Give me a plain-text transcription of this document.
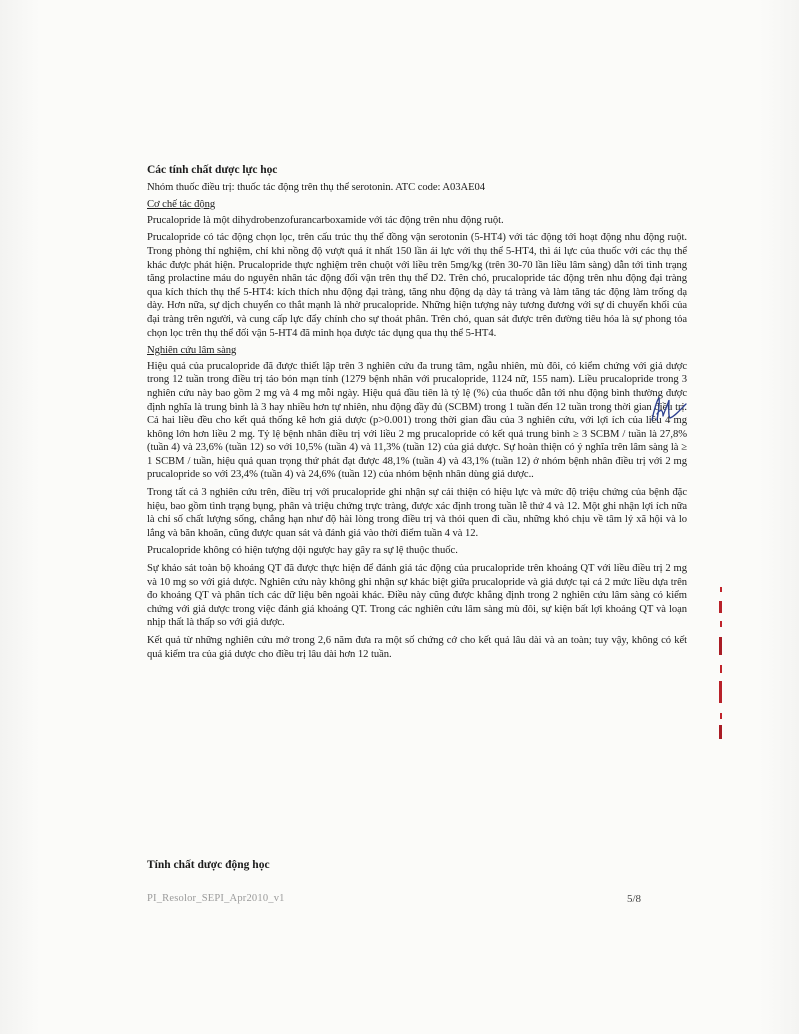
Các tính chất dược lực học

Nhóm thuốc điều trị: thuốc tác động trên thụ thể serotonin. ATC code: A03AE04

Cơ chế tác động

Prucalopride là một dihydrobenzofurancarboxamide với tác động trên nhu động ruột.

Prucalopride có tác động chọn lọc, trên cấu trúc thụ thể đồng vận serotonin (5-HT4) với tác động tới hoạt động nhu động ruột. Trong phòng thí nghiệm, chỉ khi nồng độ vượt quá ít nhất 150 lần ái lực với thụ thể 5-HT4, thì ái lực của thuốc với các thụ thể khác được phát hiện. Prucalopride thực nghiệm trên chuột với liều trên 5mg/kg (trên 30-70 lần liều lâm sàng) dẫn tới tình trạng tăng prolactine máu do nguyên nhân tác động đối vận trên thụ thể D2. Trên chó, prucalopride tác động trên nhu động đại tràng qua kích thích thụ thể 5-HT4: kích thích nhu động đại tràng, tăng nhu động dạ dày tá tràng và làm tăng tác động làm trống dạ dày. Hơn nữa, sự dịch chuyển co thắt mạnh là nhờ prucalopride. Những hiện tượng này tương đương với sự di chuyển khối của đại tràng trên người, và cung cấp lực đẩy chính cho sự thoát phân. Trên chó, quan sát được trên đường tiêu hóa là sự phong tỏa chọn lọc trên thụ thể đối vận 5-HT4 đã minh họa được tác dụng qua thụ thể 5-HT4.

Nghiên cứu lâm sàng

Hiệu quả của prucalopride đã được thiết lập trên 3 nghiên cứu đa trung tâm, ngẫu nhiên, mù đôi, có kiểm chứng với giả dược trong 12 tuần trong điều trị táo bón mạn tính (1279 bệnh nhân với prucalopride, 1124 nữ, 155 nam). Liều prucalopride trong 3 nghiên cứu này bao gồm 2 mg và 4 mg mỗi ngày. Hiệu quả đầu tiên là tỷ lệ (%) của thuốc dẫn tới nhu động bình thường được định nghĩa là trung bình là 3 hay nhiều hơn tự nhiên, nhu động đầy đủ (SCBM) trong 1 tuần đến 12 tuần trong thời gian điều trị. Cả hai liều đều cho kết quả thống kê hơn giả dược (p>0.001) trong thời gian đầu của 3 nghiên cứu, với lợi ích của liều 4 mg không lớn hơn liều 2 mg. Tỷ lệ bệnh nhân điều trị với liều 2 mg prucalopride có kết quả trung bình ≥ 3 SCBM / tuần là 27,8% (tuần 4) và 23,6% (tuần 12) so với 10,5% (tuần 4) và 11,3% (tuần 12) của giả dược. Sự hoàn thiện có ý nghĩa trên lâm sàng là ≥ 1 SCBM / tuần, hiệu quả quan trọng thứ phát đạt được 48,1% (tuần 4) và 43,1% (tuần 12) ở nhóm bệnh nhân điều trị với 2 mg prucalopride so với 23,4% (tuần 4) và 24,6% (tuần 12) của nhóm bệnh nhân dùng giả dược..

Trong tất cả 3 nghiên cứu trên, điều trị với prucalopride ghi nhận sự cải thiện có hiệu lực và mức độ triệu chứng của bệnh đặc hiệu, bao gồm tình trạng bụng, phân và triệu chứng trực tràng, được xác định trong tuần lễ thứ 4 và 12. Một ghi nhận lợi ích nữa là chỉ số chất lượng sống, chẳng hạn như độ hài lòng trong điều trị và thói quen đi cầu, những khó chịu về tâm lý xã hội và lo lắng và băn khoăn, cũng được quan sát và đánh giá vào thời điểm tuần 4 và 12.

Prucalopride không có hiện tượng dội ngược hay gây ra sự lệ thuộc thuốc.

Sự khảo sát toàn bộ khoảng QT đã được thực hiện để đánh giá tác động của prucalopride trên khoảng QT với liều điều trị 2 mg và 10 mg so với giả dược. Nghiên cứu này không ghi nhận sự khác biệt giữa prucalopride và giả dược tại cả 2 mức liều dựa trên đo khoảng QT và phân tích các dữ liệu bên ngoài khác. Điều này cũng được khẳng định trong 2 nghiên cứu lâm sàng có kiểm chứng với giả dược trong việc đánh giá khoảng QT. Trong các nghiên cứu lâm sàng mù đôi, sự kiện bất lợi khoảng QT và loạn nhịp thất là thấp so với giả dược.

Kết quả từ những nghiên cứu mở trong 2,6 năm đưa ra một số chứng cớ cho kết quả lâu dài và an toàn; tuy vậy, không có kết quả kiểm tra của giả dược cho điều trị lâu dài hơn 12 tuần.

Tính chất dược động học
PI_Resolor_SEPI_Apr2010_v1	5/8
